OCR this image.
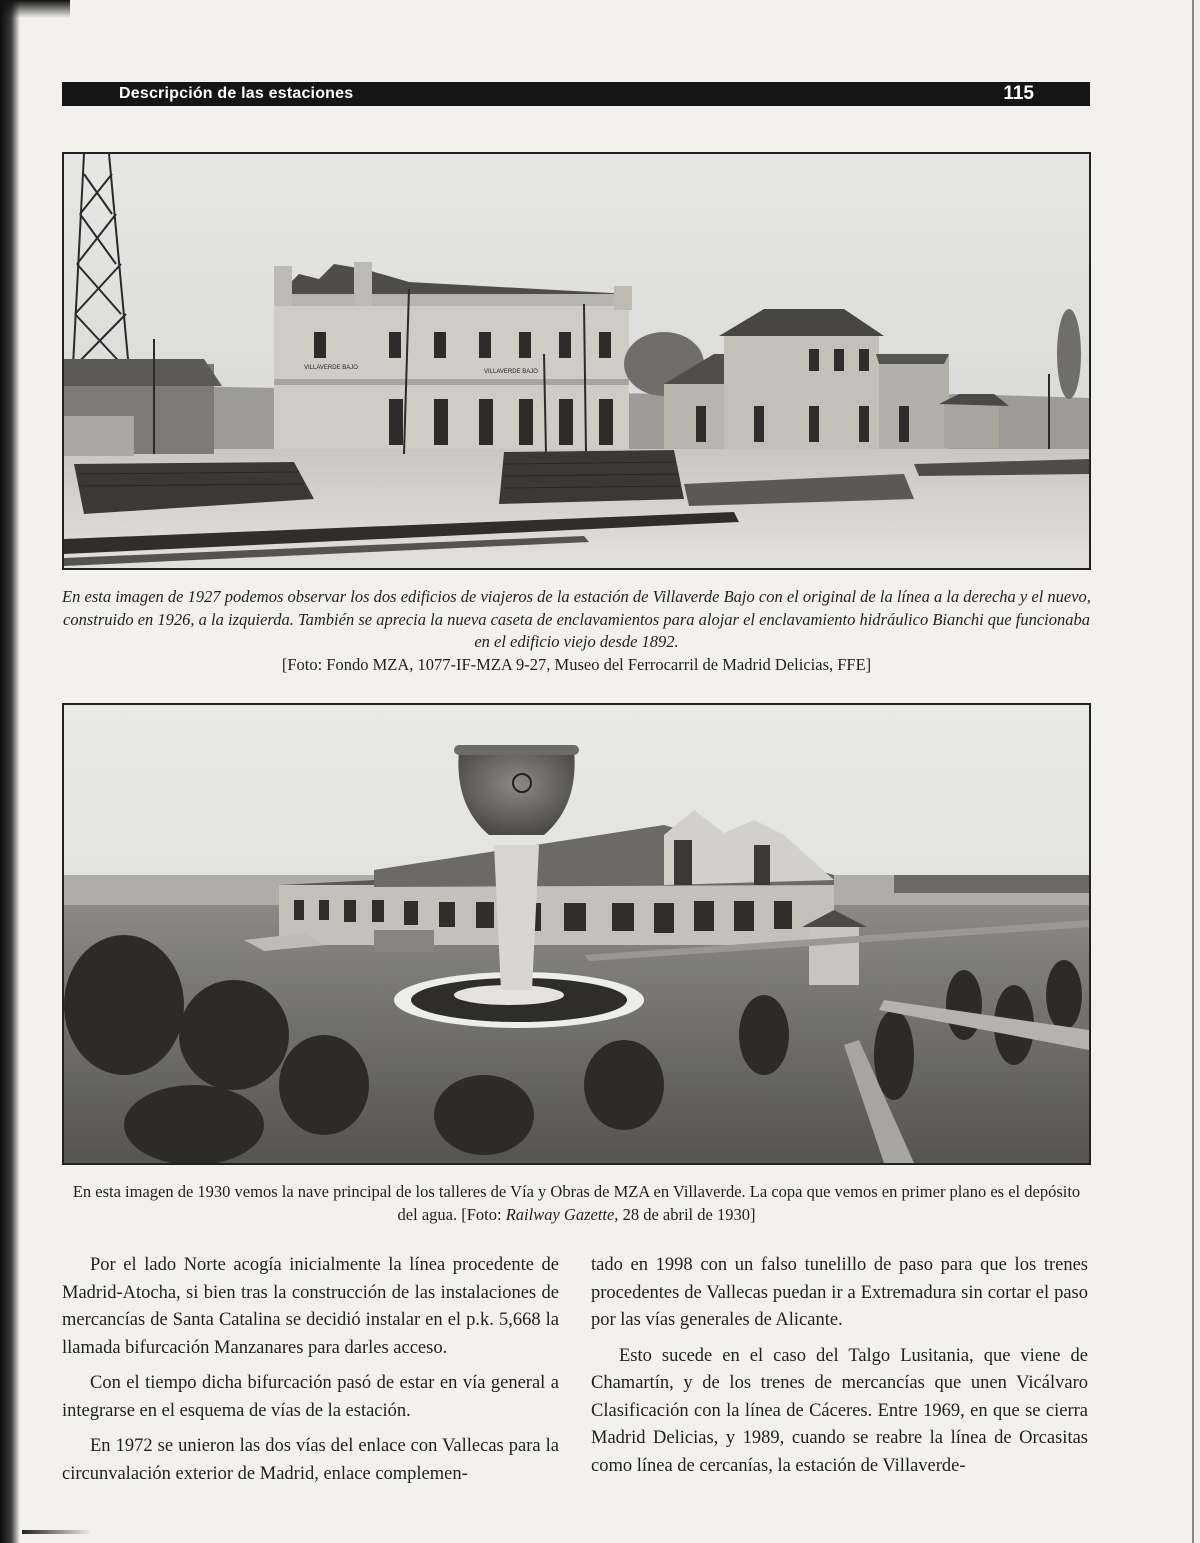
Descripción de las estaciones	115
VILLAVERDE BAJO
VILLAVERDE BAJO
En esta imagen de 1927 podemos observar los dos edificios de viajeros de la estación de Villaverde Bajo con el original de la línea a la derecha y el nuevo, construido en 1926, a la izquierda. También se aprecia la nueva caseta de enclavamientos para alojar el enclavamiento hidráulico Bianchi que funcionaba en el edificio viejo desde 1892.
[Foto: Fondo MZA, 1077-IF-MZA 9-27, Museo del Ferrocarril de Madrid Delicias, FFE]
En esta imagen de 1930 vemos la nave principal de los talleres de Vía y Obras de MZA en Villaverde. La copa que vemos en primer plano es el depósito del agua. [Foto: Railway Gazette, 28 de abril de 1930]

Por el lado Norte acogía inicialmente la línea procedente de Madrid-Atocha, si bien tras la construcción de las instalaciones de mercancías de Santa Catalina se decidió instalar en el p.k. 5,668 la llamada bifurcación Manzanares para darles acceso.

Con el tiempo dicha bifurcación pasó de estar en vía general a integrarse en el esquema de vías de la estación.

En 1972 se unieron las dos vías del enlace con Vallecas para la circunvalación exterior de Madrid, enlace complemen-

tado en 1998 con un falso tunelillo de paso para que los trenes procedentes de Vallecas puedan ir a Extremadura sin cortar el paso por las vías generales de Alicante.

Esto sucede en el caso del Talgo Lusitania, que viene de Chamartín, y de los trenes de mercancías que unen Vicálvaro Clasificación con la línea de Cáceres. Entre 1969, en que se cierra Madrid Delicias, y 1989, cuando se reabre la línea de Orcasitas como línea de cercanías, la estación de Villaverde-
